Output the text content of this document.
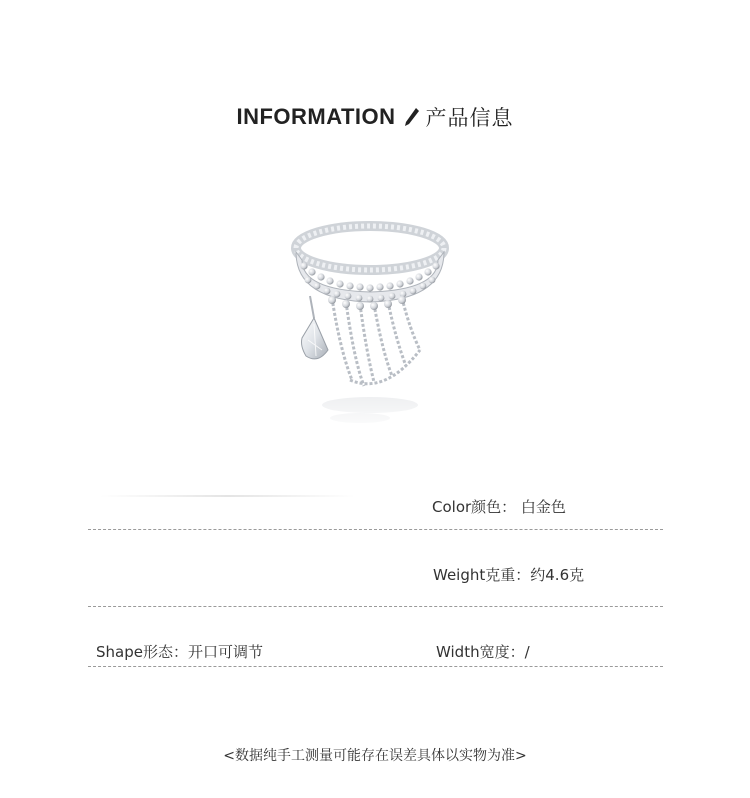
INFORMATION 产品信息
Color颜色： 白金色
Weight克重：约4.6克
Shape形态：开口可调节	Width宽度：/
<数据纯手工测量可能存在误差具体以实物为准>
